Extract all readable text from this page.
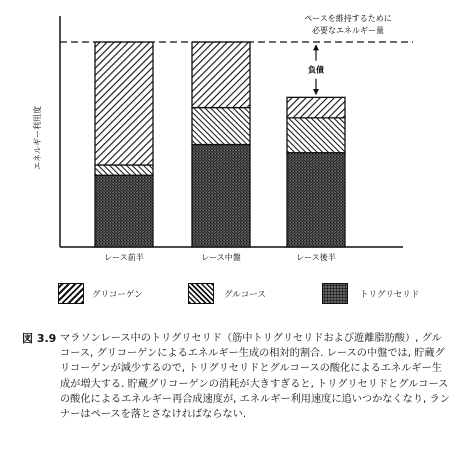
ペースを維持するために
必要なエネルギー量
負債
レース前半	レース中盤	レース後半
エネルギー利用度
グリコーゲン	グルコース	トリグリセリド
図 3.9 マラソンレース中のトリグリセリド（筋中トリグリセリドおよび遊離脂肪酸）, グルコース, グリコーゲンによるエネルギー生成の相対的割合. レースの中盤では, 貯蔵グリコーゲンが減少するので, トリグリセリドとグルコースの酸化によるエネルギー生成が増大する. 貯蔵グリコーゲンの消耗が大きすぎると, トリグリセリドとグルコースの酸化によるエネルギー再合成速度が, エネルギー利用速度に追いつかなくなり, ランナーはペースを落とさなければならない.
